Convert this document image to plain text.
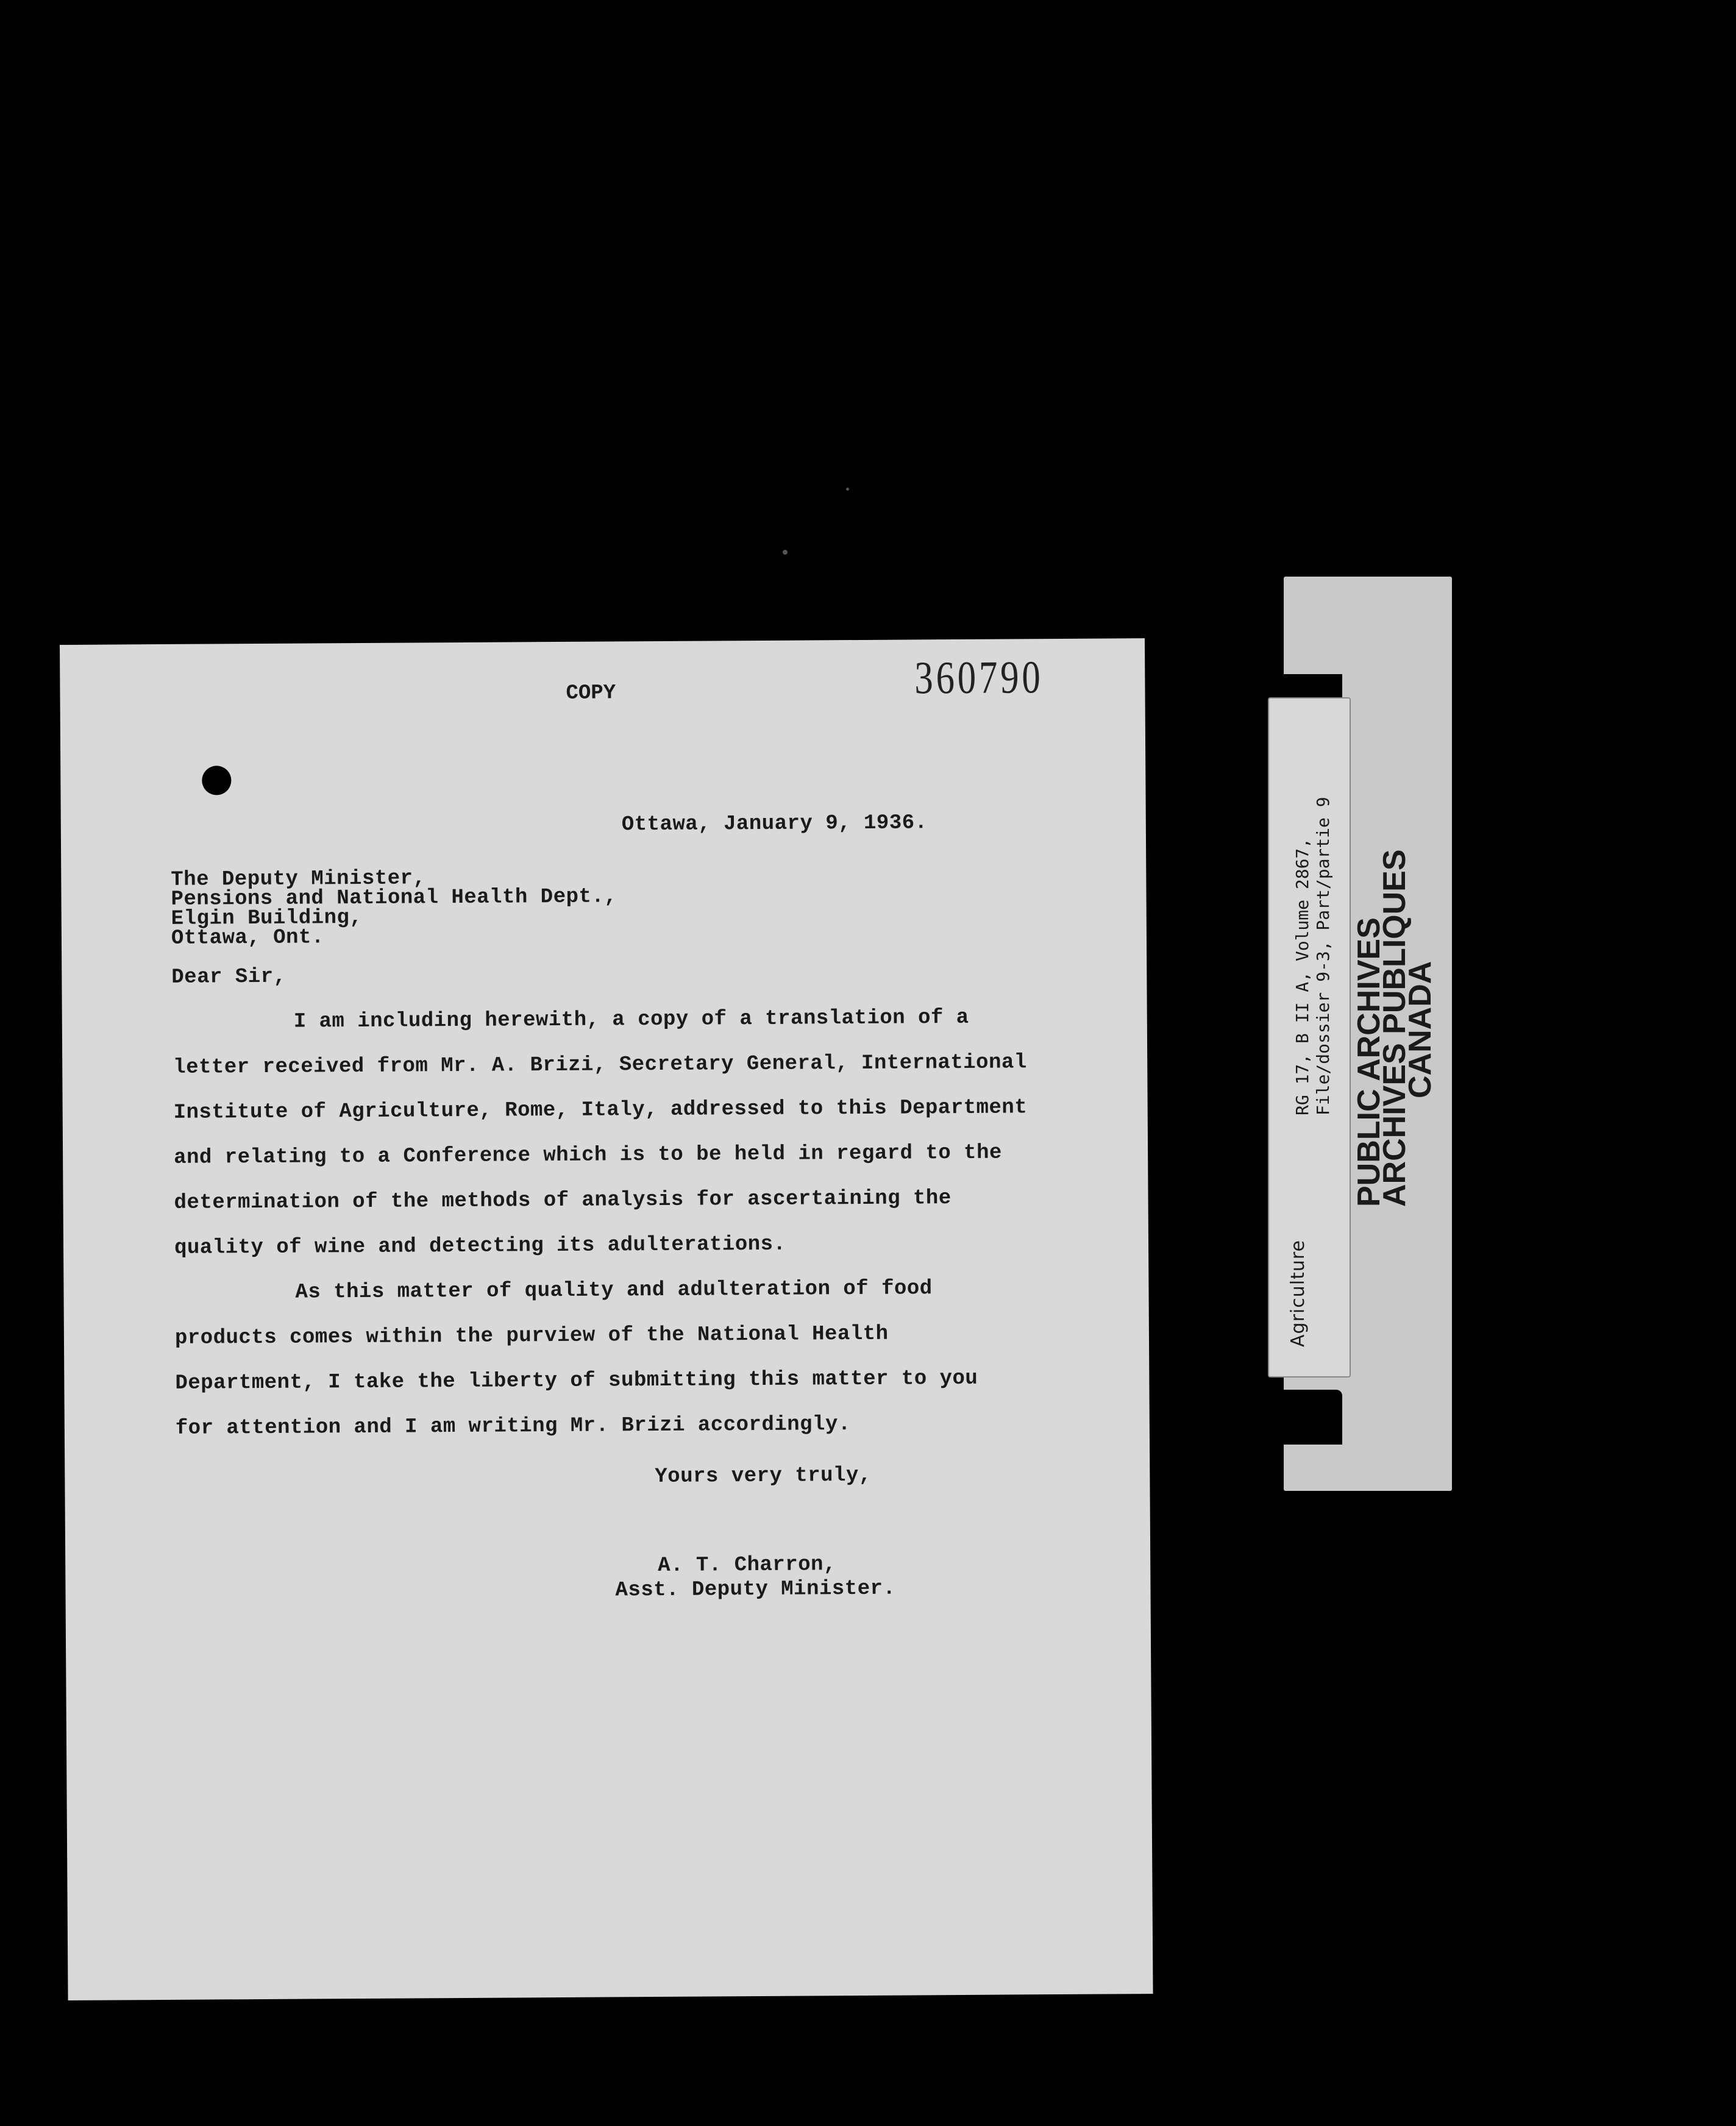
360790
COPY
Ottawa, January 9, 1936.
The Deputy Minister,
Pensions and National Health Dept.,
Elgin Building,
Ottawa, Ont.
Dear Sir,
I am including herewith, a copy of a translation of a
letter received from Mr. A. Brizi, Secretary General, International
Institute of Agriculture, Rome, Italy, addressed to this Department
and relating to a Conference which is to be held in regard to the
determination of the methods of analysis for ascertaining the
quality of wine and detecting its adulterations.
As this matter of quality and adulteration of food
products comes within the purview of the National Health
Department, I take the liberty of submitting this matter to you
for attention and I am writing Mr. Brizi accordingly.
Yours very truly,
A. T. Charron,
Asst. Deputy Minister.
Agriculture
RG 17, B II A, Volume 2867, File/dossier 9-3, Part/partie 9 PUBLIC ARCHIVES
ARCHIVES PUBLIQUES
CANADA
